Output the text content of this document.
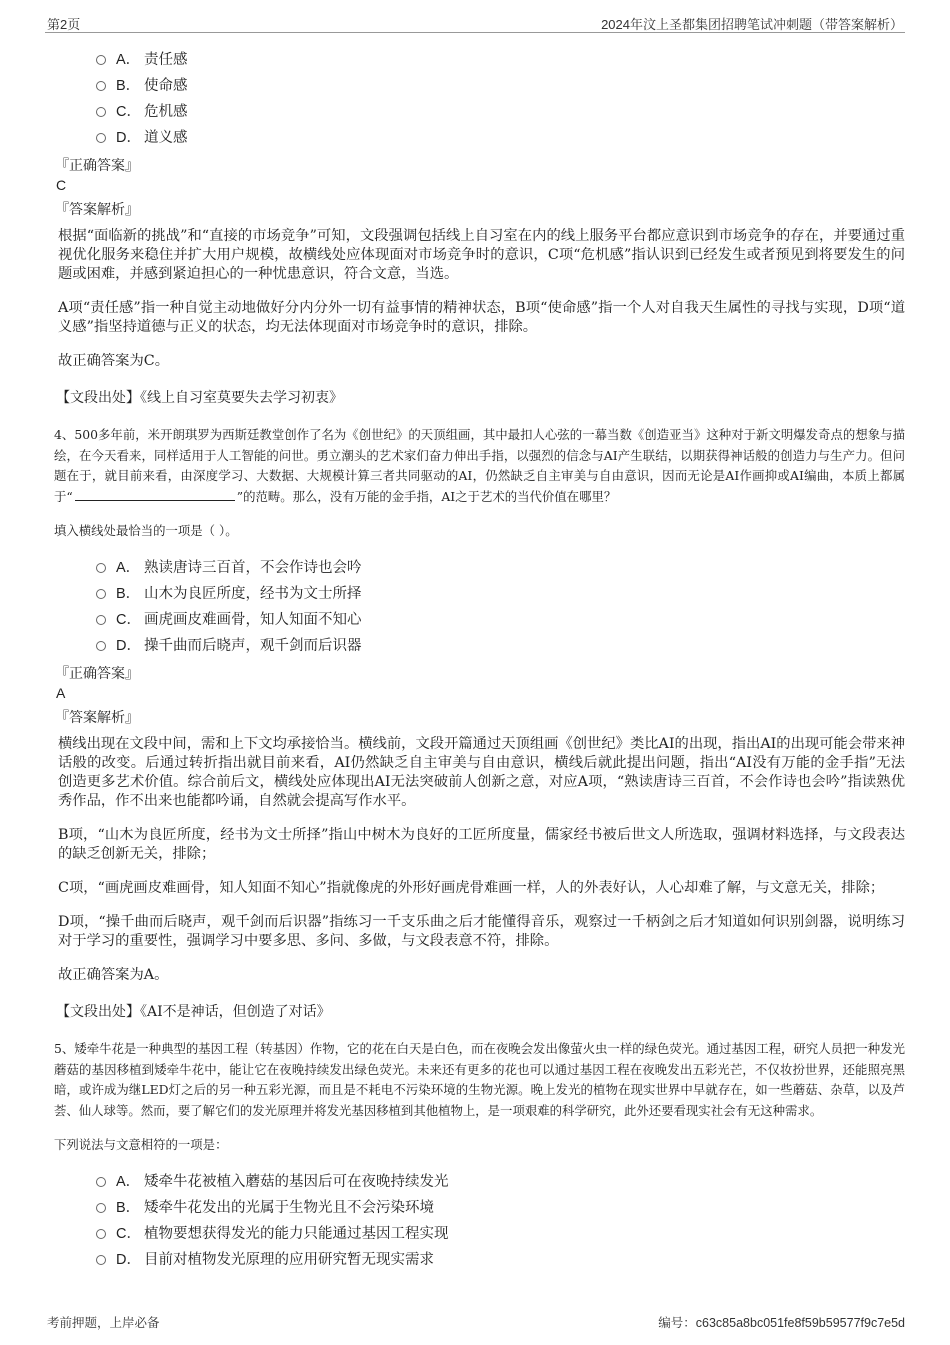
第2页	2024年汶上圣都集团招聘笔试冲刺题（带答案解析）
A． 责任感
B． 使命感
C． 危机感
D． 道义感
『正确答案』
C
『答案解析』
根据“面临新的挑战”和“直接的市场竞争”可知，文段强调包括线上自习室在内的线上服务平台都应意识到市场竞争的存在，并要通过重视优化服务来稳住并扩大用户规模，故横线处应体现面对市场竞争时的意识，C项“危机感”指认识到已经发生或者预见到将要发生的问题或困难，并感到紧迫担心的一种忧患意识，符合文意，当选。
A项“责任感”指一种自觉主动地做好分内分外一切有益事情的精神状态，B项“使命感”指一个人对自我天生属性的寻找与实现，D项“道义感”指坚持道德与正义的状态，均无法体现面对市场竞争时的意识，排除。
故正确答案为C。
【文段出处】《线上自习室莫要失去学习初衷》
4、500多年前，米开朗琪罗为西斯廷教堂创作了名为《创世纪》的天顶组画，其中最扣人心弦的一幕当数《创造亚当》这种对于新文明爆发奇点的想象与描绘，在今天看来，同样适用于人工智能的问世。勇立潮头的艺术家们奋力伸出手指，以强烈的信念与AI产生联结，以期获得神话般的创造力与生产力。但问题在于，就目前来看，由深度学习、大数据、大规模计算三者共同驱动的AI，仍然缺乏自主审美与自由意识，因而无论是AI作画抑或AI编曲，本质上都属于“	”的范畴。那么，没有万能的金手指，AI之于艺术的当代价值在哪里？
填入横线处最恰当的一项是（ ）。
A． 熟读唐诗三百首，不会作诗也会吟
B． 山木为良匠所度，经书为文士所择
C． 画虎画皮难画骨，知人知面不知心
D． 操千曲而后晓声，观千剑而后识器
『正确答案』
A
『答案解析』
横线出现在文段中间，需和上下文均承接恰当。横线前，文段开篇通过天顶组画《创世纪》类比AI的出现，指出AI的出现可能会带来神话般的改变。后通过转折指出就目前来看，AI仍然缺乏自主审美与自由意识，横线后就此提出问题，指出“AI没有万能的金手指”无法创造更多艺术价值。综合前后文，横线处应体现出AI无法突破前人创新之意，对应A项，“熟读唐诗三百首，不会作诗也会吟”指读熟优秀作品，作不出来也能都吟诵，自然就会提高写作水平。
B项，“山木为良匠所度，经书为文士所择”指山中树木为良好的工匠所度量，儒家经书被后世文人所选取，强调材料选择，与文段表达的缺乏创新无关，排除；
C项，“画虎画皮难画骨，知人知面不知心”指就像虎的外形好画虎骨难画一样，人的外表好认，人心却难了解，与文意无关，排除；
D项，“操千曲而后晓声，观千剑而后识器”指练习一千支乐曲之后才能懂得音乐，观察过一千柄剑之后才知道如何识别剑器，说明练习对于学习的重要性，强调学习中要多思、多问、多做，与文段表意不符，排除。
故正确答案为A。
【文段出处】《AI不是神话，但创造了对话》
5、矮牵牛花是一种典型的基因工程（转基因）作物，它的花在白天是白色，而在夜晚会发出像萤火虫一样的绿色荧光。通过基因工程，研究人员把一种发光蘑菇的基因移植到矮牵牛花中，能让它在夜晚持续发出绿色荧光。未来还有更多的花也可以通过基因工程在夜晚发出五彩光芒，不仅妆扮世界，还能照亮黑暗，或许成为继LED灯之后的另一种五彩光源，而且是不耗电不污染环境的生物光源。晚上发光的植物在现实世界中早就存在，如一些蘑菇、杂草，以及芦荟、仙人球等。然而，要了解它们的发光原理并将发光基因移植到其他植物上，是一项艰难的科学研究，此外还要看现实社会有无这种需求。
下列说法与文意相符的一项是：
A． 矮牵牛花被植入蘑菇的基因后可在夜晚持续发光
B． 矮牵牛花发出的光属于生物光且不会污染环境
C． 植物要想获得发光的能力只能通过基因工程实现
D． 目前对植物发光原理的应用研究暂无现实需求
考前押题，上岸必备	编号：c63c85a8bc051fe8f59b59577f9c7e5d
